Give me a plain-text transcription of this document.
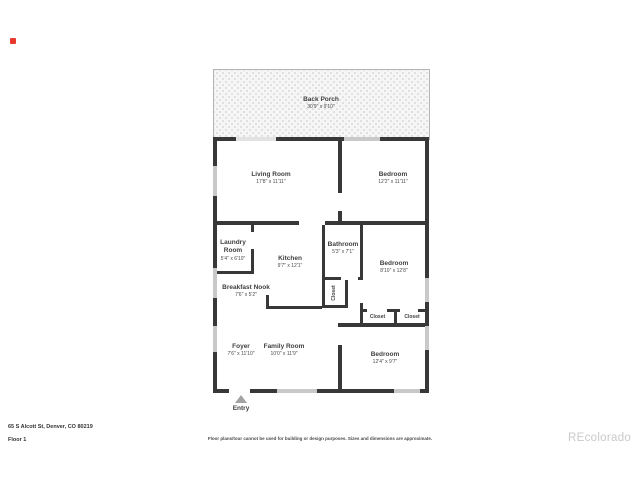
Back Porch
30'9" x 9'10"
Living Room
17'8" x 11'11"
Bedroom
12'2" x 11'11"
Laundry Room
5'4" x 6'10"	Kitchen
9'7" x 12'1"
Bathroom
5'3" x 7'1"
Bedroom
8'10" x 12'8"
Breakfast Nook
7'6" x 5'2"	Closet
Closet	Closet
Foyer
7'6" x 11'10"
Family Room
10'0" x 11'9"	Bedroom
12'4" x 9'7"
Entry
65 S Alcott St, Denver, CO 80219
Floor 1	Floor plans/tour cannot be used for building or design purposes. Sizes and dimensions are approximate.	REcolorado
